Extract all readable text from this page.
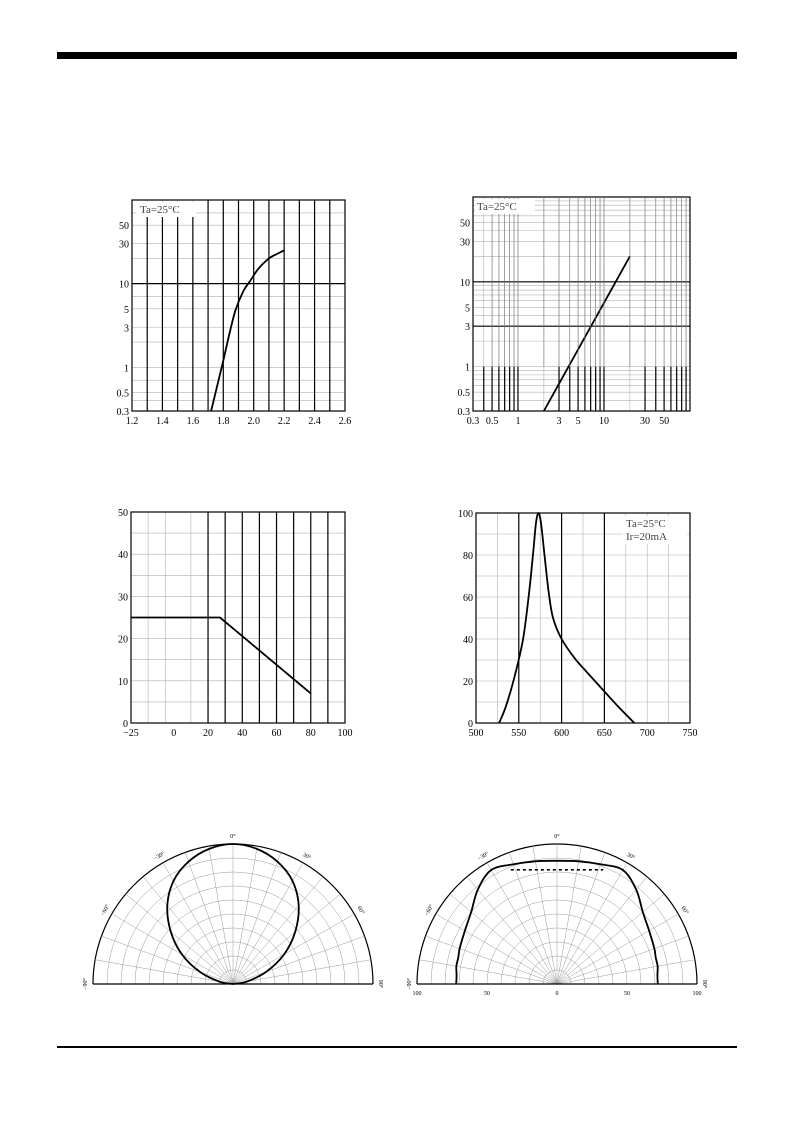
1.2 1.4 1.6 1.8 2.0 2.2 2.4 2.6
0.3
0.5
1
3
5
10
30
50
Ta=25°C
0.3 0.5 1	3 5 10	30 50
0.3
0.5
1
3
5
10
30
50
Ta=25°C
−25	0	20 40 60 80 100
0
10
20
30
40
50
500	550	600	650	700	750
0
20
40
60
80
100
Ta=25°C
Ir=20mA
0°
30°
60°
90°
−30°
−60°
−90°
0°
30°
60°
90°
−30°
−60°
−90°
100	50	0	50	100
